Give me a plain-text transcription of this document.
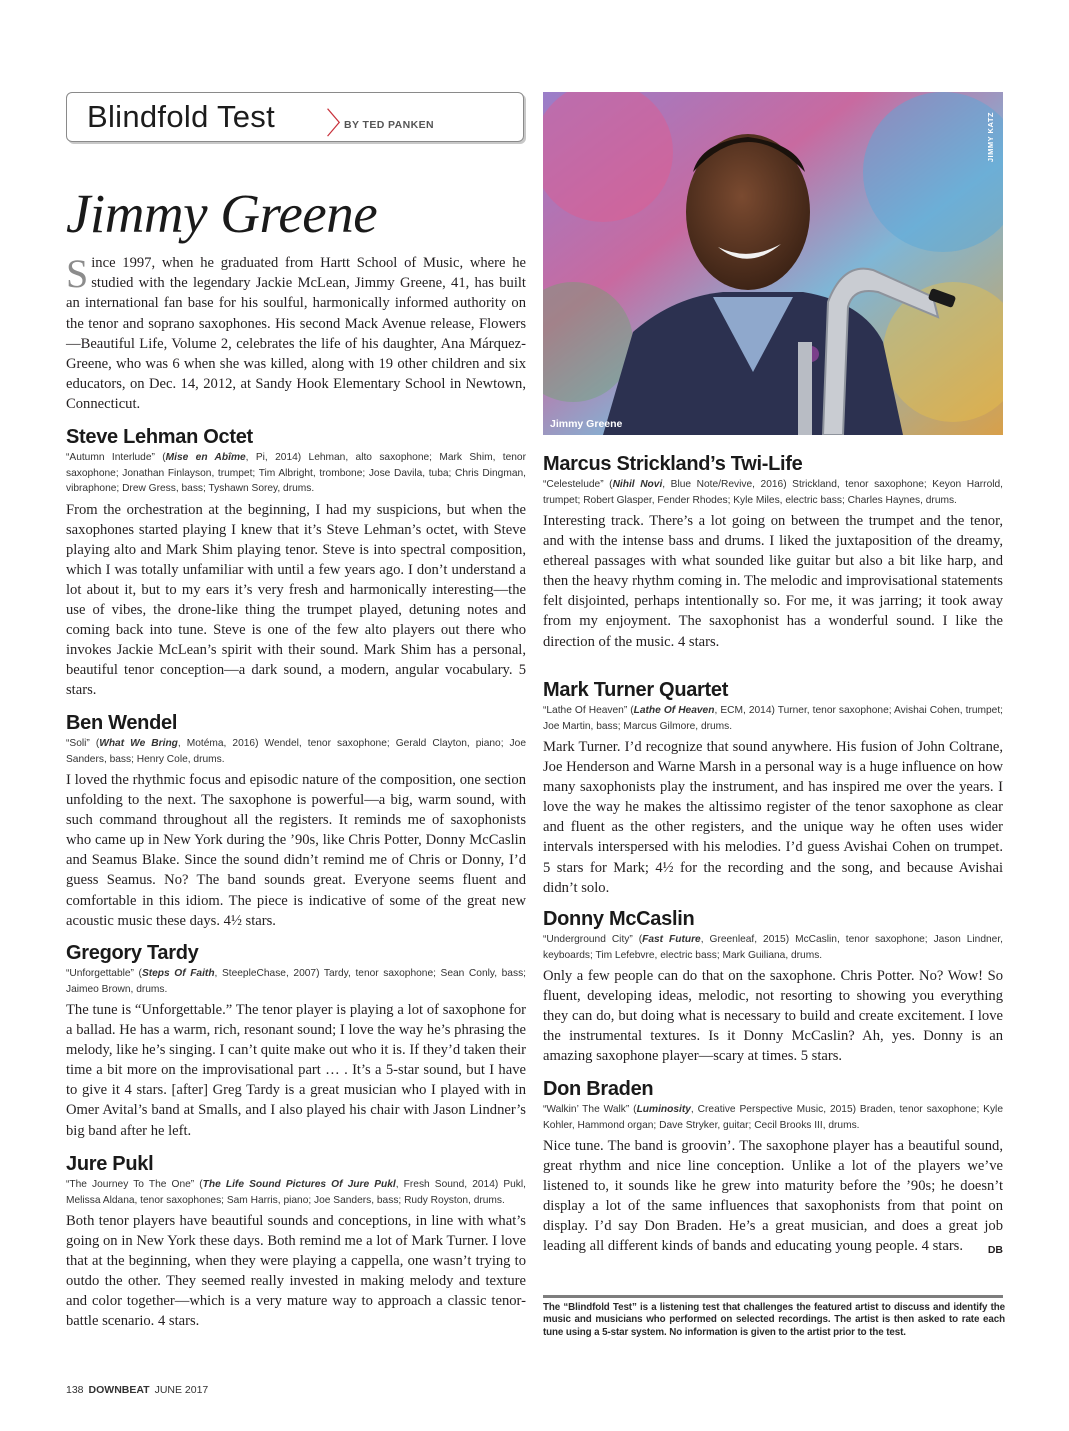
Blindfold Test 〉
BY TED PANKEN
Jimmy Greene
Since 1997, when he graduated from Hartt School of Music, where he studied with the legendary Jackie McLean, Jimmy Greene, 41, has built an international fan base for his soulful, harmonically informed authority on the tenor and soprano saxophones. His second Mack Avenue release, Flowers—Beautiful Life, Volume 2, celebrates the life of his daughter, Ana Márquez-Greene, who was 6 when she was killed, along with 19 other children and six educators, on Dec. 14, 2012, at Sandy Hook Elementary School in Newtown, Connecticut.
Steve Lehman Octet
“Autumn Interlude” (Mise en Abîme, Pi, 2014) Lehman, alto saxophone; Mark Shim, tenor saxophone; Jonathan Finlayson, trumpet; Tim Albright, trombone; Jose Davila, tuba; Chris Dingman, vibraphone; Drew Gress, bass; Tyshawn Sorey, drums.

From the orchestration at the beginning, I had my suspicions, but when the saxophones started playing I knew that it’s Steve Lehman’s octet, with Steve playing alto and Mark Shim playing tenor. Steve is into spectral composition, which I was totally unfamiliar with until a few years ago. I don’t understand a lot about it, but to my ears it’s very fresh and harmonically interesting—the use of vibes, the drone-like thing the trumpet played, detuning notes and coming back into tune. Steve is one of the few alto players out there who invokes Jackie McLean’s spirit with their sound. Mark Shim has a personal, beautiful tenor conception—a dark sound, a modern, angular vocabulary. 5 stars.

Ben Wendel
“Soli” (What We Bring, Motéma, 2016) Wendel, tenor saxophone; Gerald Clayton, piano; Joe Sanders, bass; Henry Cole, drums.

I loved the rhythmic focus and episodic nature of the composition, one section unfolding to the next. The saxophone is powerful—a big, warm sound, with such command throughout all the registers. It reminds me of saxophonists who came up in New York during the ’90s, like Chris Potter, Donny McCaslin and Seamus Blake. Since the sound didn’t remind me of Chris or Donny, I’d guess Seamus. No? The band sounds great. Everyone seems fluent and comfortable in this idiom. The piece is indicative of some of the great new acoustic music these days. 4½ stars.

Gregory Tardy
“Unforgettable” (Steps Of Faith, SteepleChase, 2007) Tardy, tenor saxophone; Sean Conly, bass; Jaimeo Brown, drums.

The tune is “Unforgettable.” The tenor player is playing a lot of saxophone for a ballad. He has a warm, rich, resonant sound; I love the way he’s phrasing the melody, like he’s singing. I can’t quite make out who it is. If they’d taken their time a bit more on the improvisational part … . It’s a 5-star sound, but I have to give it 4 stars. [after] Greg Tardy is a great musician who I played with in Omer Avital’s band at Smalls, and I also played his chair with Jason Lindner’s big band after he left.

Jure Pukl
“The Journey To The One” (The Life Sound Pictures Of Jure Pukl, Fresh Sound, 2014) Pukl, Melissa Aldana, tenor saxophones; Sam Harris, piano; Joe Sanders, bass; Rudy Royston, drums.

Both tenor players have beautiful sounds and conceptions, in line with what’s going on in New York these days. Both remind me a lot of Mark Turner. I love that at the beginning, when they were playing a cappella, one wasn’t trying to outdo the other. They seemed really invested in making melody and texture and color together—which is a very mature way to approach a classic tenor-battle scenario. 4 stars.

Jimmy Greene
JIMMY KATZ
Marcus Strickland’s Twi-Life
“Celestelude” (Nihil Novi, Blue Note/Revive, 2016) Strickland, tenor saxophone; Keyon Harrold, trumpet; Robert Glasper, Fender Rhodes; Kyle Miles, electric bass; Charles Haynes, drums.

Interesting track. There’s a lot going on between the trumpet and the tenor, and with the intense bass and drums. I liked the juxtaposition of the dreamy, ethereal passages with what sounded like guitar but also a bit like harp, and then the heavy rhythm coming in. The melodic and improvisational statements felt disjointed, perhaps intentionally so. For me, it was jarring; it took away from my enjoyment. The saxophonist has a wonderful sound. I like the direction of the music. 4 stars.

Mark Turner Quartet
“Lathe Of Heaven” (Lathe Of Heaven, ECM, 2014) Turner, tenor saxophone; Avishai Cohen, trumpet; Joe Martin, bass; Marcus Gilmore, drums.

Mark Turner. I’d recognize that sound anywhere. His fusion of John Coltrane, Joe Henderson and Warne Marsh in a personal way is a huge influence on how many saxophonists play the instrument, and has inspired me over the years. I love the way he makes the altissimo register of the tenor saxophone as clear and fluent as the other registers, and the unique way he often uses wider intervals interspersed with his melodies. I’d guess Avishai Cohen on trumpet. 5 stars for Mark; 4½ for the recording and the song, and because Avishai didn’t solo.

Donny McCaslin
“Underground City” (Fast Future, Greenleaf, 2015) McCaslin, tenor saxophone; Jason Lindner, keyboards; Tim Lefebvre, electric bass; Mark Guiliana, drums.

Only a few people can do that on the saxophone. Chris Potter. No? Wow! So fluent, developing ideas, melodic, not resorting to showing you everything they can do, but doing what is necessary to build and create excitement. I love the instrumental textures. Is it Donny McCaslin? Ah, yes. Donny is an amazing saxophone player—scary at times. 5 stars.

Don Braden
“Walkin’ The Walk” (Luminosity, Creative Perspective Music, 2015) Braden, tenor saxophone; Kyle Kohler, Hammond organ; Dave Stryker, guitar; Cecil Brooks III, drums.

Nice tune. The band is groovin’. The saxophone player has a beautiful sound, great rhythm and nice line conception. Unlike a lot of the players we’ve listened to, it sounds like he grew into maturity before the ’90s; he doesn’t display a lot of the same influences that saxophonists from that point on display. I’d say Don Braden. He’s a great musician, and does a great job leading all different kinds of bands and educating young people. 4 stars. DB

The “Blindfold Test” is a listening test that challenges the featured artist to discuss and identify the music and musicians who performed on selected recordings. The artist is then asked to rate each tune using a 5-star system. No information is given to the artist prior to the test.
138 DOWNBEAT JUNE 2017
